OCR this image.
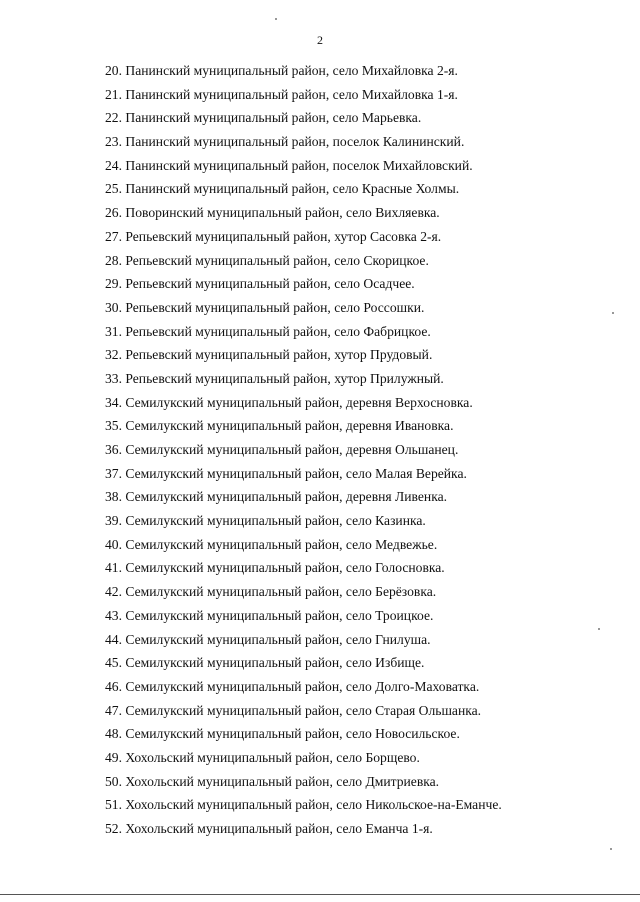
2
20. Панинский муниципальный район, село Михайловка 2-я.
21. Панинский муниципальный район, село Михайловка 1-я.
22. Панинский муниципальный район, село Марьевка.
23. Панинский муниципальный район, поселок Калининский.
24. Панинский муниципальный район, поселок Михайловский.
25. Панинский муниципальный район, село Красные Холмы.
26. Поворинский муниципальный район, село Вихляевка.
27. Репьевский муниципальный район, хутор Сасовка 2-я.
28. Репьевский муниципальный район, село Скорицкое.
29. Репьевский муниципальный район, село Осадчее.
30. Репьевский муниципальный район, село Россошки.
31. Репьевский муниципальный район, село Фабрицкое.
32. Репьевский муниципальный район, хутор Прудовый.
33. Репьевский муниципальный район, хутор Прилужный.
34. Семилукский муниципальный район, деревня Верхосновка.
35. Семилукский муниципальный район, деревня Ивановка.
36. Семилукский муниципальный район, деревня Ольшанец.
37. Семилукский муниципальный район, село Малая Верейка.
38. Семилукский муниципальный район, деревня Ливенка.
39. Семилукский муниципальный район, село Казинка.
40. Семилукский муниципальный район, село Медвежье.
41. Семилукский муниципальный район, село Голосновка.
42. Семилукский муниципальный район, село Берёзовка.
43. Семилукский муниципальный район, село Троицкое.
44. Семилукский муниципальный район, село Гнилуша.
45. Семилукский муниципальный район, село Избище.
46. Семилукский муниципальный район, село Долго-Маховатка.
47. Семилукский муниципальный район, село Старая Ольшанка.
48. Семилукский муниципальный район, село Новосильское.
49. Хохольский муниципальный район, село Борщево.
50. Хохольский муниципальный район, село Дмитриевка.
51. Хохольский муниципальный район, село Никольское-на-Еманче.
52. Хохольский муниципальный район, село Еманча 1-я.
